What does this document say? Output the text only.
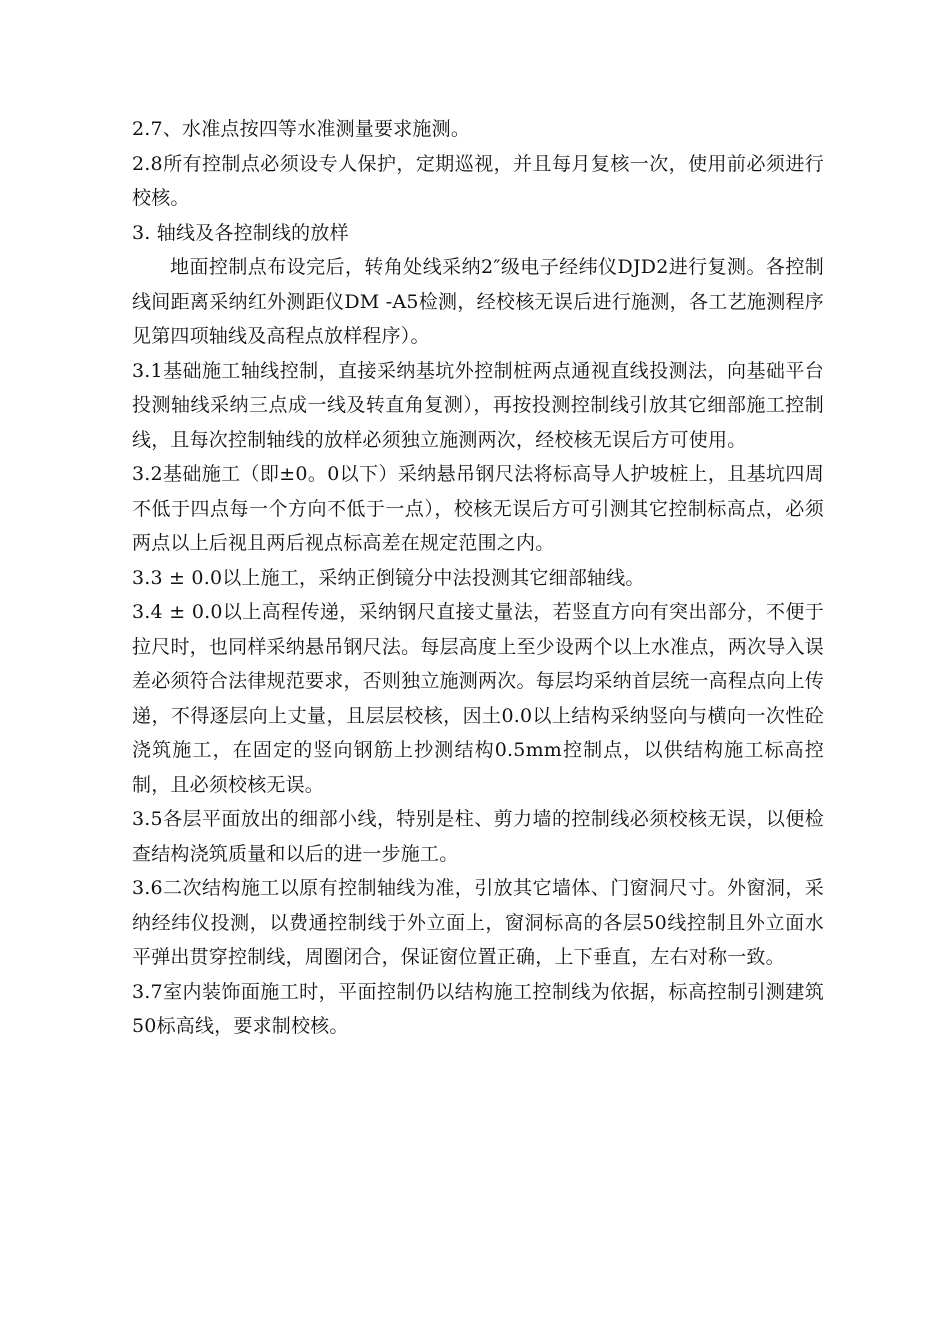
2.7、水准点按四等水准测量要求施测。

2.8所有控制点必须设专人保护，定期巡视，并且每月复核一次，使用前必须进行校核。

3. 轴线及各控制线的放样

地面控制点布设完后，转角处线采纳2″级电子经纬仪DJD2进行复测。各控制线间距离采纳红外测距仪DM -A5检测，经校核无误后进行施测，各工艺施测程序见第四项轴线及高程点放样程序）。

3.1基础施工轴线控制，直接采纳基坑外控制桩两点通视直线投测法，向基础平台投测轴线采纳三点成一线及转直角复测），再按投测控制线引放其它细部施工控制线，且每次控制轴线的放样必须独立施测两次，经校核无误后方可使用。

3.2基础施工（即±0。0以下）采纳悬吊钢尺法将标高导人护坡桩上，且基坑四周不低于四点每一个方向不低于一点），校核无误后方可引测其它控制标高点，必须两点以上后视且两后视点标高差在规定范围之内。

3.3 ± 0.0以上施工，采纳正倒镜分中法投测其它细部轴线。

3.4 ± 0.0以上高程传递，采纳钢尺直接丈量法，若竖直方向有突出部分，不便于拉尺时，也同样采纳悬吊钢尺法。每层高度上至少设两个以上水准点，两次导入误差必须符合法律规范要求，否则独立施测两次。每层均采纳首层统一高程点向上传递，不得逐层向上丈量，且层层校核，因土0.0以上结构采纳竖向与横向一次性砼浇筑施工，在固定的竖向钢筋上抄测结构0.5mm控制点，以供结构施工标高控制，且必须校核无误。

3.5各层平面放出的细部小线，特别是柱、剪力墙的控制线必须校核无误，以便检查结构浇筑质量和以后的进一步施工。

3.6二次结构施工以原有控制轴线为准，引放其它墙体、门窗洞尺寸。外窗洞，采纳经纬仪投测，以费通控制线于外立面上，窗洞标高的各层50线控制且外立面水平弹出贯穿控制线，周圈闭合，保证窗位置正确，上下垂直，左右对称一致。

3.7室内装饰面施工时，平面控制仍以结构施工控制线为依据，标高控制引测建筑50标高线，要求制校核。
